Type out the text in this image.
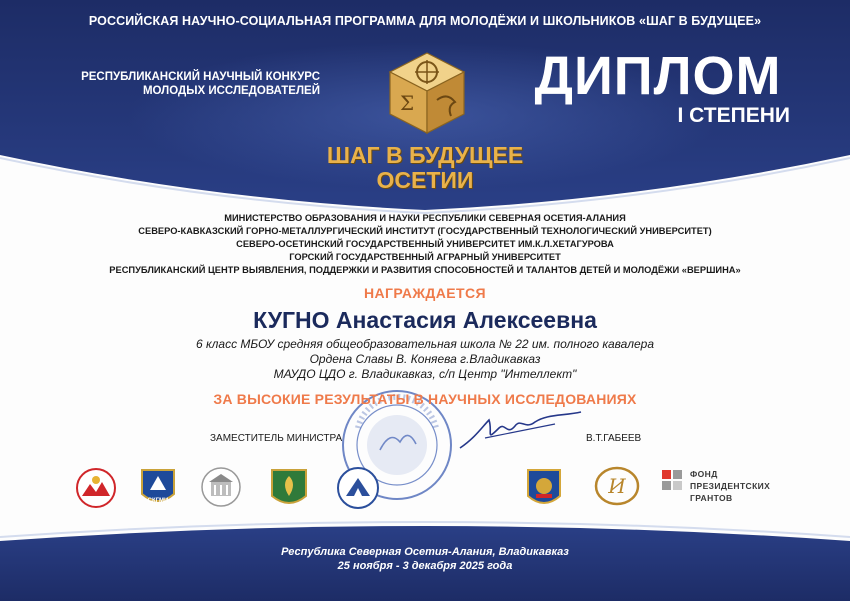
РОССИЙСКАЯ НАУЧНО-СОЦИАЛЬНАЯ ПРОГРАММА ДЛЯ МОЛОДЁЖИ И ШКОЛЬНИКОВ «ШАГ В БУДУЩЕЕ»
РЕСПУБЛИКАНСКИЙ НАУЧНЫЙ КОНКУРС
МОЛОДЫХ ИССЛЕДОВАТЕЛЕЙ	Σ ДИПЛОМ
I СТЕПЕНИ
ШАГ В БУДУЩЕЕ
ОСЕТИИ
МИНИСТЕРСТВО ОБРАЗОВАНИЯ И НАУКИ РЕСПУБЛИКИ СЕВЕРНАЯ ОСЕТИЯ-АЛАНИЯ
СЕВЕРО-КАВКАЗСКИЙ ГОРНО-МЕТАЛЛУРГИЧЕСКИЙ ИНСТИТУТ (ГОСУДАРСТВЕННЫЙ ТЕХНОЛОГИЧЕСКИЙ УНИВЕРСИТЕТ)
СЕВЕРО-ОСЕТИНСКИЙ ГОСУДАРСТВЕННЫЙ УНИВЕРСИТЕТ ИМ.К.Л.ХЕТАГУРОВА
ГОРСКИЙ ГОСУДАРСТВЕННЫЙ АГРАРНЫЙ УНИВЕРСИТЕТ
РЕСПУБЛИКАНСКИЙ ЦЕНТР ВЫЯВЛЕНИЯ, ПОДДЕРЖКИ И РАЗВИТИЯ СПОСОБНОСТЕЙ И ТАЛАНТОВ ДЕТЕЙ И МОЛОДЁЖИ «ВЕРШИНА»
НАГРАЖДАЕТСЯ
КУГНО Анастасия Алексеевна
6 класс МБОУ средняя общеобразовательная школа № 22 им. полного кавалера
Ордена Славы В. Коняева г.Владикавказ
МАУДО ЦДО г. Владикавказ, с/п Центр "Интеллект"
ЗА ВЫСОКИЕ РЕЗУЛЬТАТЫ В НАУЧНЫХ ИССЛЕДОВАНИЯХ
ЗАМЕСТИТЕЛЬ МИНИСТРА	В.Т.ГАБЕЕВ
СКГМИ
И	ФОНД
ПРЕЗИДЕНТСКИХ
ГРАНТОВ
Республика Северная Осетия-Алания, Владикавказ
25 ноября - 3 декабря 2025 года
